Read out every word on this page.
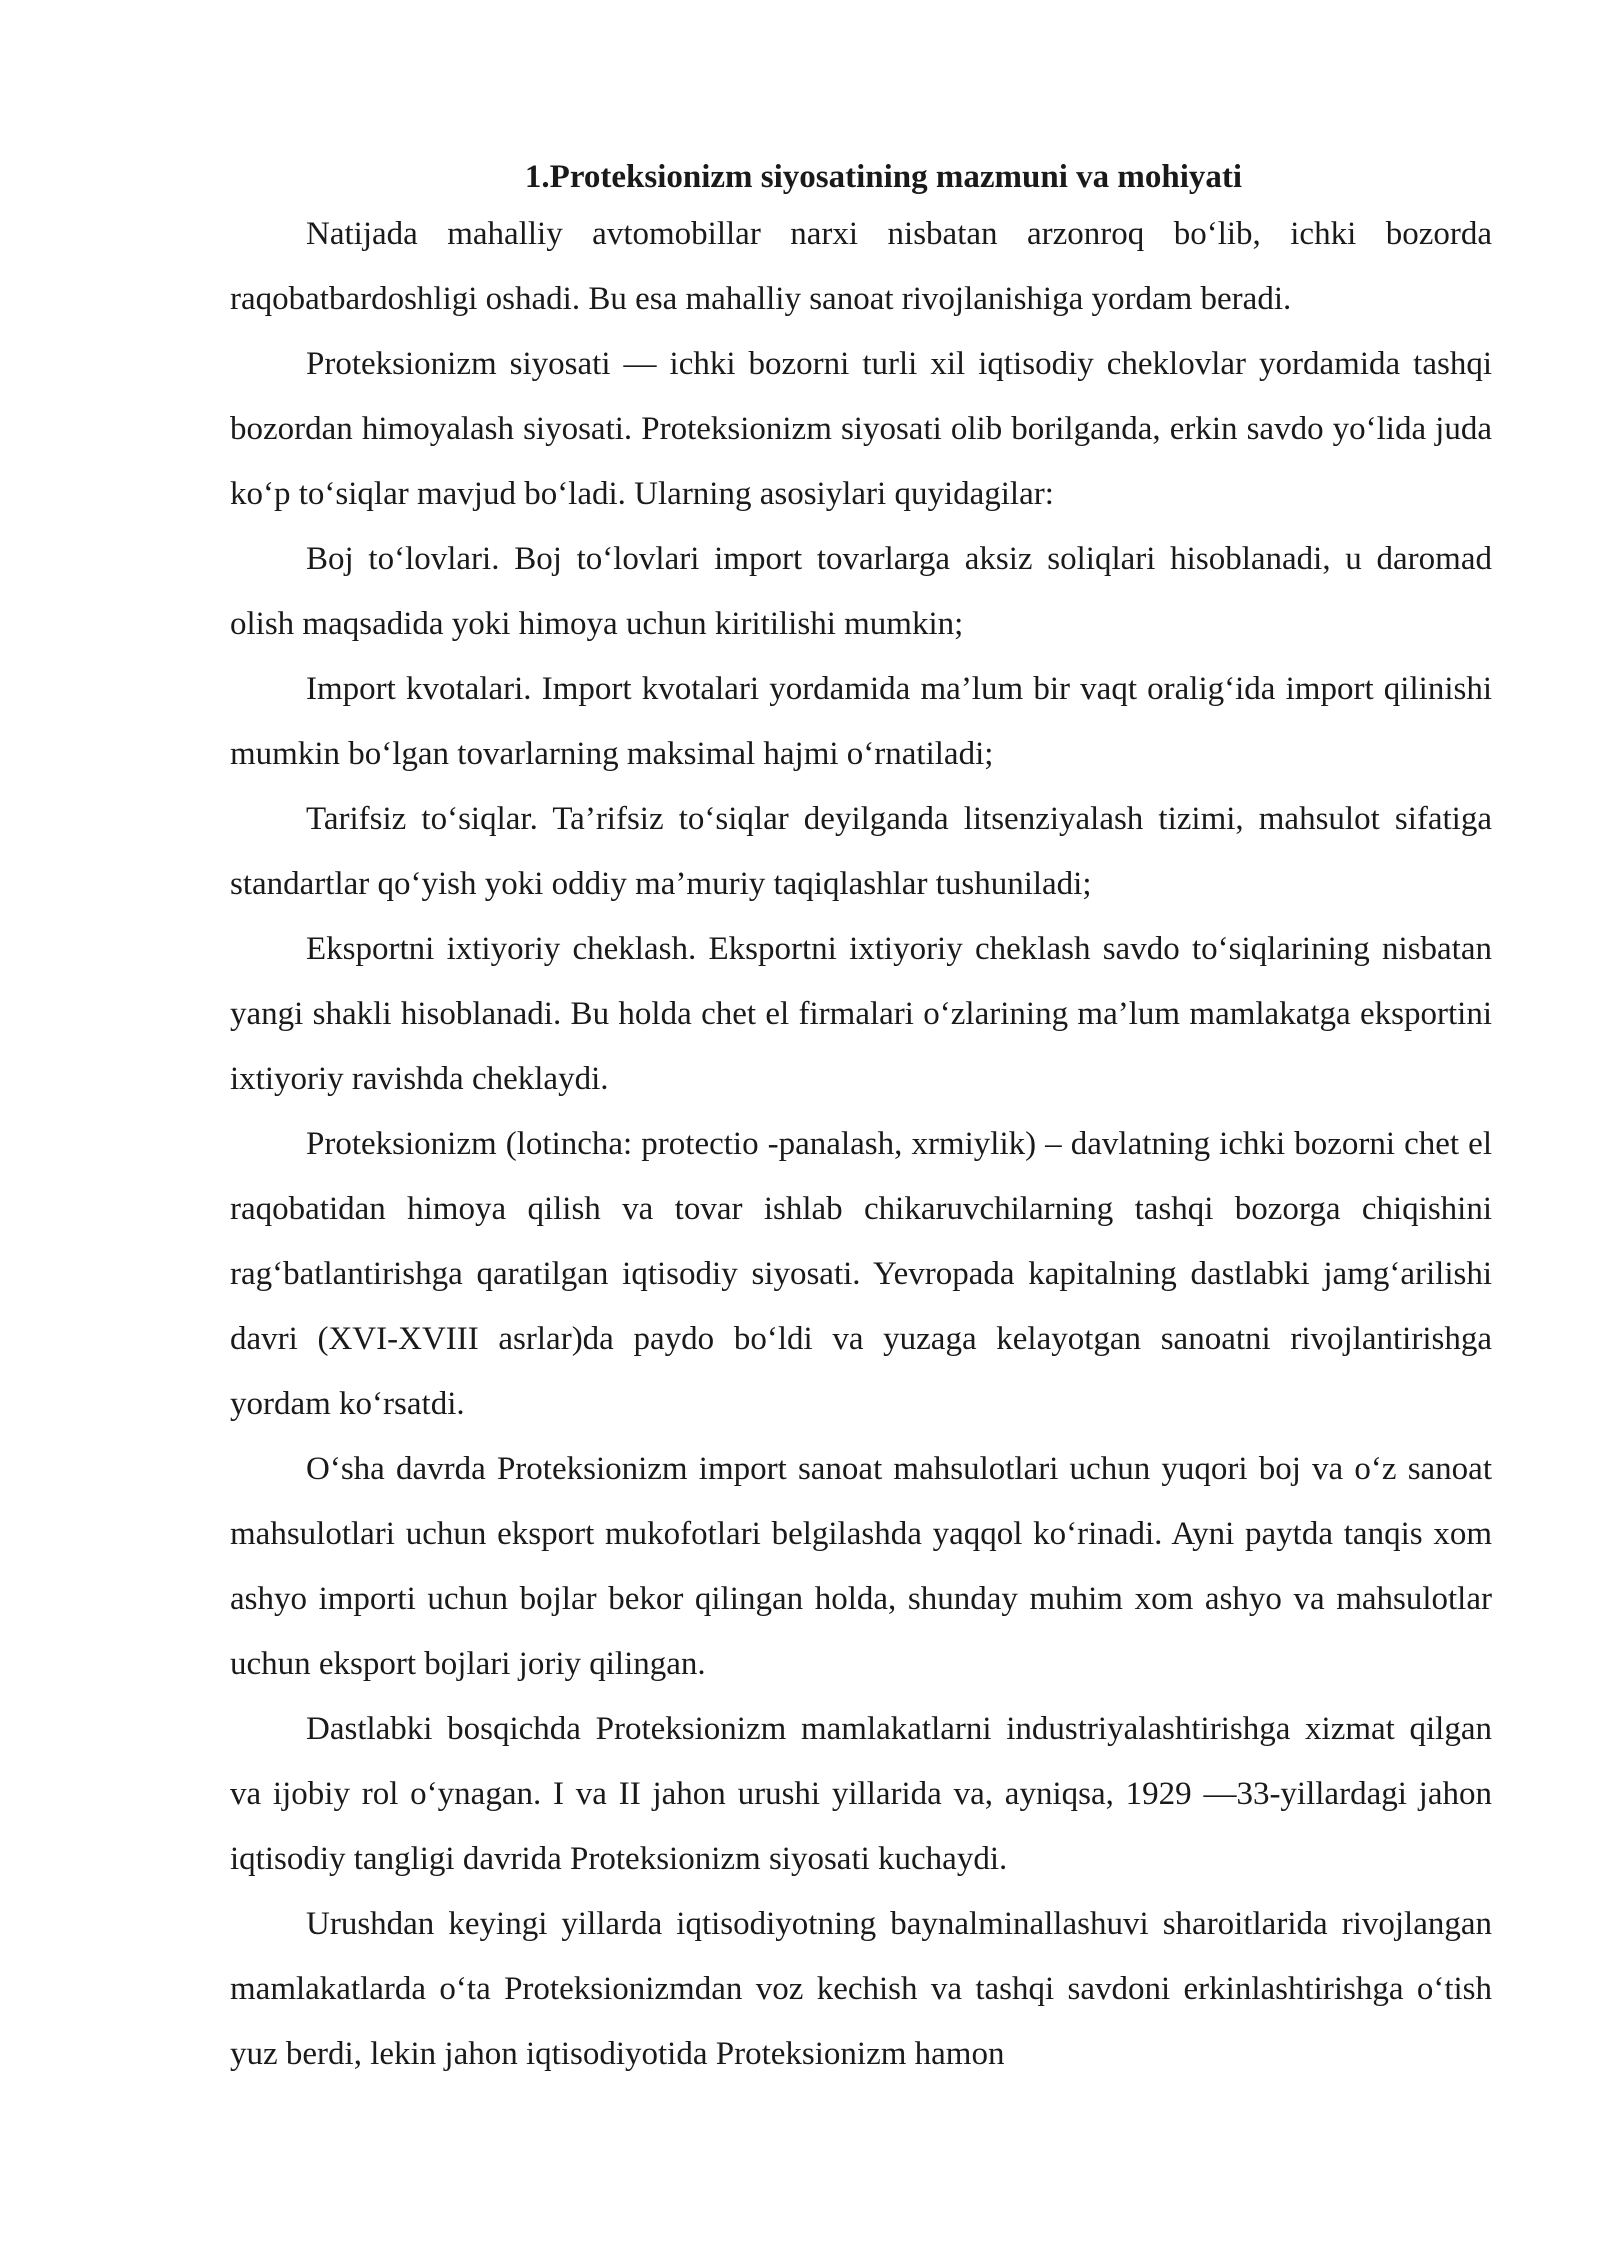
1.Proteksionizm siyosatining mazmuni va mohiyati

Natijada mahalliy avtomobillar narxi nisbatan arzonroq bo‘lib, ichki bozorda raqobatbardoshligi oshadi. Bu esa mahalliy sanoat rivojlanishiga yordam beradi.

Proteksionizm siyosati — ichki bozorni turli xil iqtisodiy cheklovlar yordamida tashqi bozordan himoyalash siyosati. Proteksionizm siyosati olib borilganda, erkin savdo yo‘lida juda ko‘p to‘siqlar mavjud bo‘ladi. Ularning asosiylari quyidagilar:

Boj to‘lovlari. Boj to‘lovlari import tovarlarga aksiz soliqlari hisoblanadi, u daromad olish maqsadida yoki himoya uchun kiritilishi mumkin;

Import kvotalari. Import kvotalari yordamida ma’lum bir vaqt oralig‘ida import qilinishi mumkin bo‘lgan tovarlarning maksimal hajmi o‘rnatiladi;

Tarifsiz to‘siqlar. Ta’rifsiz to‘siqlar deyilganda litsenziyalash tizimi, mahsulot sifatiga standartlar qo‘yish yoki oddiy ma’muriy taqiqlashlar tushuniladi;

Eksportni ixtiyoriy cheklash. Eksportni ixtiyoriy cheklash savdo to‘siqlarining nisbatan yangi shakli hisoblanadi. Bu holda chet el firmalari o‘zlarining ma’lum mamlakatga eksportini ixtiyoriy ravishda cheklaydi.

Proteksionizm (lotincha: protectio -panalash, xrmiylik) – davlatning ichki bozorni chet el raqobatidan himoya qilish va tovar ishlab chikaruvchilarning tashqi bozorga chiqishini rag‘batlantirishga qaratilgan iqtisodiy siyosati. Yevropada kapitalning dastlabki jamg‘arilishi davri (XVI-XVIII asrlar)da paydo bo‘ldi va yuzaga kelayotgan sanoatni rivojlantirishga yordam ko‘rsatdi.

O‘sha davrda Proteksionizm import sanoat mahsulotlari uchun yuqori boj va o‘z sanoat mahsulotlari uchun eksport mukofotlari belgilashda yaqqol ko‘rinadi. Ayni paytda tanqis xom ashyo importi uchun bojlar bekor qilingan holda, shunday muhim xom ashyo va mahsulotlar uchun eksport bojlari joriy qilingan.

Dastlabki bosqichda Proteksionizm mamlakatlarni industriyalashtirishga xizmat qilgan va ijobiy rol o‘ynagan. I va II jahon urushi yillarida va, ayniqsa, 1929 —33-yillardagi jahon iqtisodiy tangligi davrida Proteksionizm siyosati kuchaydi.

Urushdan keyingi yillarda iqtisodiyotning baynalminallashuvi sharoitlarida rivojlangan mamlakatlarda o‘ta Proteksionizmdan voz kechish va tashqi savdoni erkinlashtirishga o‘tish yuz berdi, lekin jahon iqtisodiyotida Proteksionizm hamon
